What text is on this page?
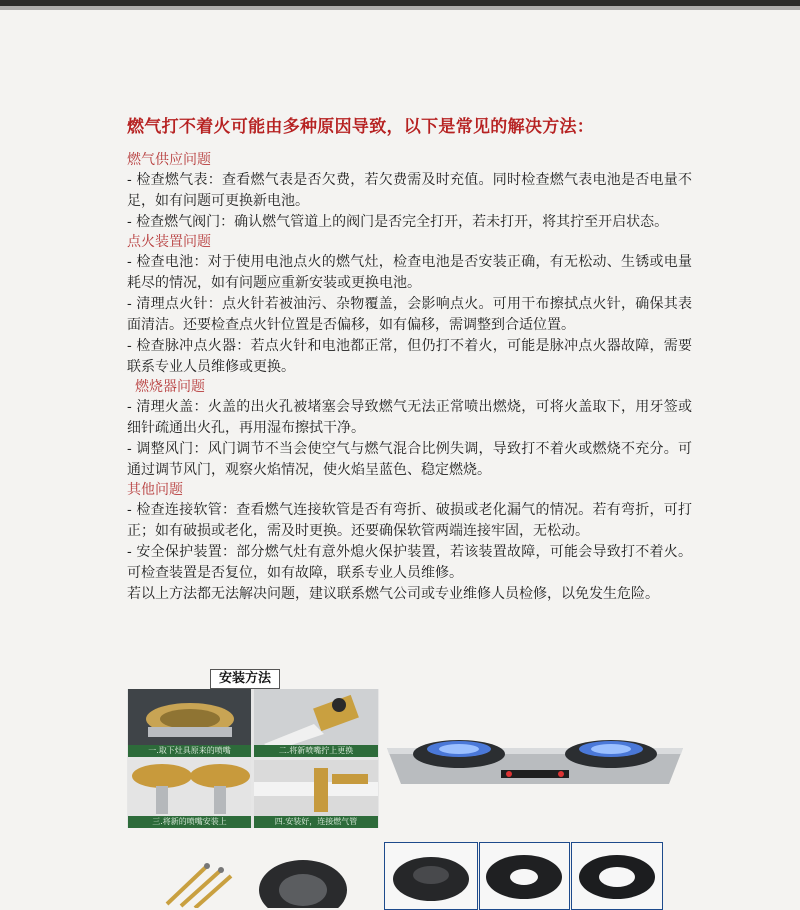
燃气打不着火可能由多种原因导致，以下是常见的解决方法：

燃气供应问题

- 检查燃气表：查看燃气表是否欠费，若欠费需及时充值。同时检查燃气表电池是否电量不足，如有问题可更换新电池。

- 检查燃气阀门：确认燃气管道上的阀门是否完全打开，若未打开，将其拧至开启状态。

点火装置问题

- 检查电池：对于使用电池点火的燃气灶，检查电池是否安装正确，有无松动、生锈或电量耗尽的情况，如有问题应重新安装或更换电池。

- 清理点火针：点火针若被油污、杂物覆盖，会影响点火。可用干布擦拭点火针，确保其表面清洁。还要检查点火针位置是否偏移，如有偏移，需调整到合适位置。

- 检查脉冲点火器：若点火针和电池都正常，但仍打不着火，可能是脉冲点火器故障，需要联系专业人员维修或更换。

燃烧器问题

- 清理火盖：火盖的出火孔被堵塞会导致燃气无法正常喷出燃烧，可将火盖取下，用牙签或细针疏通出火孔，再用湿布擦拭干净。

- 调整风门：风门调节不当会使空气与燃气混合比例失调，导致打不着火或燃烧不充分。可通过调节风门，观察火焰情况，使火焰呈蓝色、稳定燃烧。

其他问题

- 检查连接软管：查看燃气连接软管是否有弯折、破损或老化漏气的情况。若有弯折，可打正；如有破损或老化，需及时更换。还要确保软管两端连接牢固，无松动。

- 安全保护装置：部分燃气灶有意外熄火保护装置，若该装置故障，可能会导致打不着火。可检查装置是否复位，如有故障，联系专业人员维修。

若以上方法都无法解决问题，建议联系燃气公司或专业维修人员检修，以免发生危险。

安装方法
一.取下灶具原来的喷嘴	二.将新喷嘴拧上更换
三.将新的喷嘴安装上	四.安装好，连接燃气管
